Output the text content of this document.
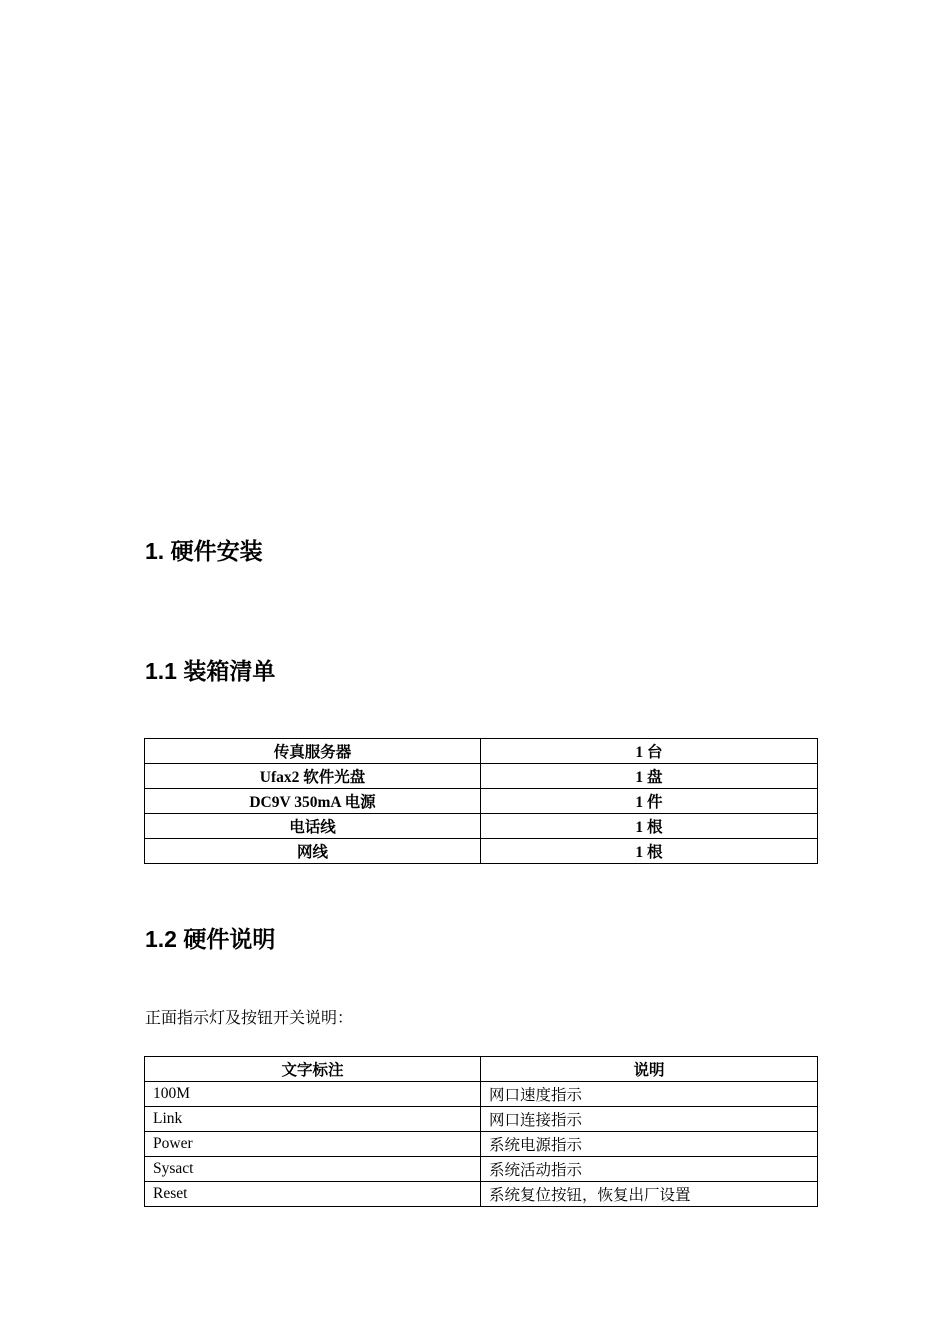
1. 硬件安装
1.1 装箱清单
传真服务器	1 台
Ufax2 软件光盘	1 盘
DC9V 350mA 电源	1 件
电话线	1 根
网线	1 根
1.2 硬件说明

正面指示灯及按钮开关说明：

文字标注	说明
100M	网口速度指示
Link	网口连接指示
Power	系统电源指示
Sysact	系统活动指示
Reset	系统复位按钮，恢复出厂设置
